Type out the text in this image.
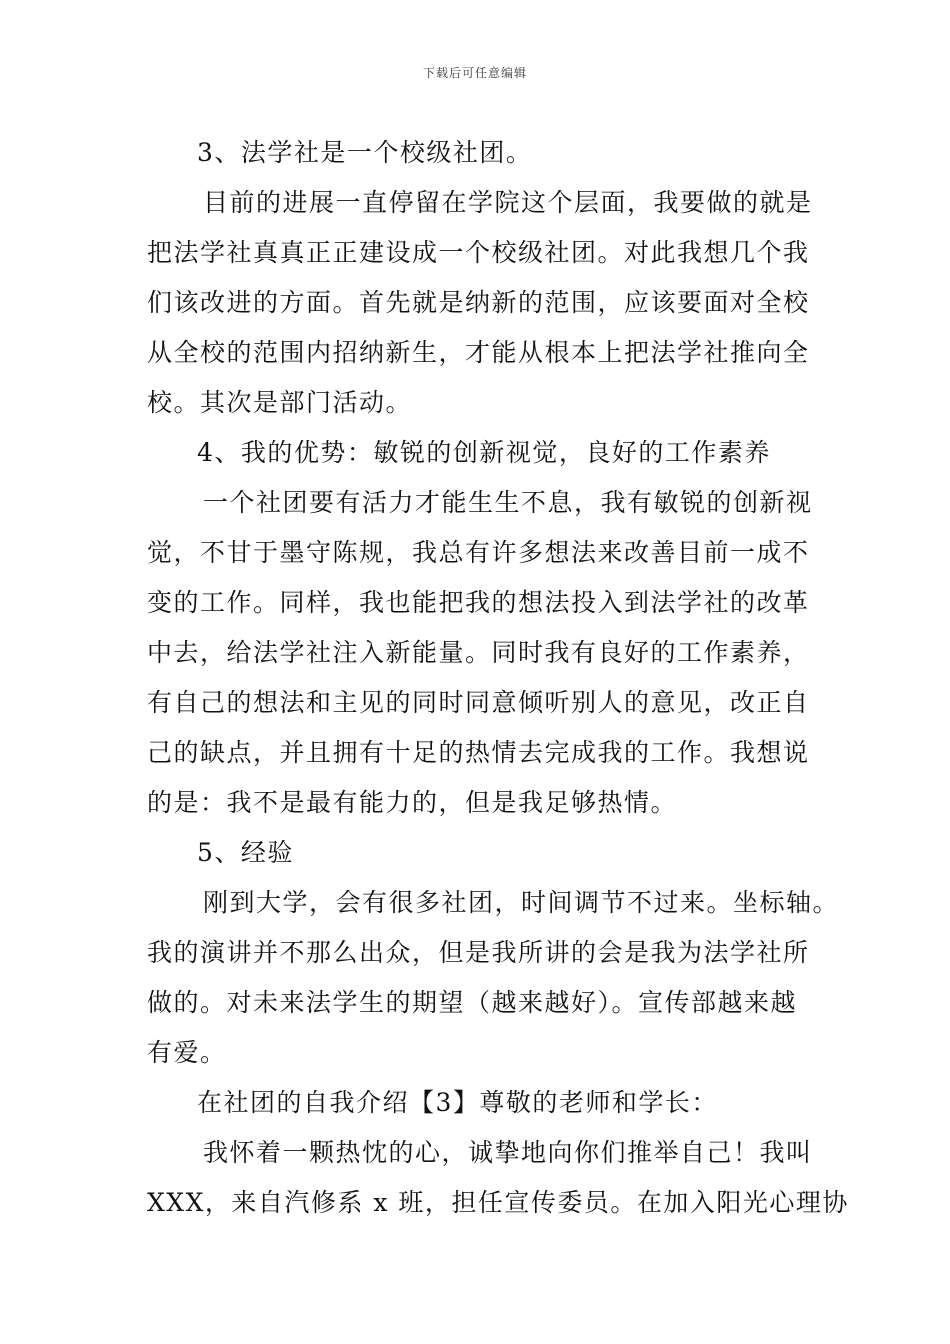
下载后可任意编辑
3、法学社是一个校级社团。
目前的进展一直停留在学院这个层面，我要做的就是
把法学社真真正正建设成一个校级社团。对此我想几个我
们该改进的方面。首先就是纳新的范围，应该要面对全校
从全校的范围内招纳新生，才能从根本上把法学社推向全
校。其次是部门活动。
4、我的优势：敏锐的创新视觉，良好的工作素养
一个社团要有活力才能生生不息，我有敏锐的创新视
觉，不甘于墨守陈规，我总有许多想法来改善目前一成不
变的工作。同样，我也能把我的想法投入到法学社的改革
中去，给法学社注入新能量。同时我有良好的工作素养，
有自己的想法和主见的同时同意倾听别人的意见，改正自
己的缺点，并且拥有十足的热情去完成我的工作。我想说
的是：我不是最有能力的，但是我足够热情。
5、经验
刚到大学，会有很多社团，时间调节不过来。坐标轴。
我的演讲并不那么出众，但是我所讲的会是我为法学社所
做的。对未来法学生的期望（越来越好）。宣传部越来越
有爱。
在社团的自我介绍【3】尊敬的老师和学长：
我怀着一颗热忱的心，诚挚地向你们推举自己！我叫
XXX，来自汽修系 x 班，担任宣传委员。在加入阳光心理协
